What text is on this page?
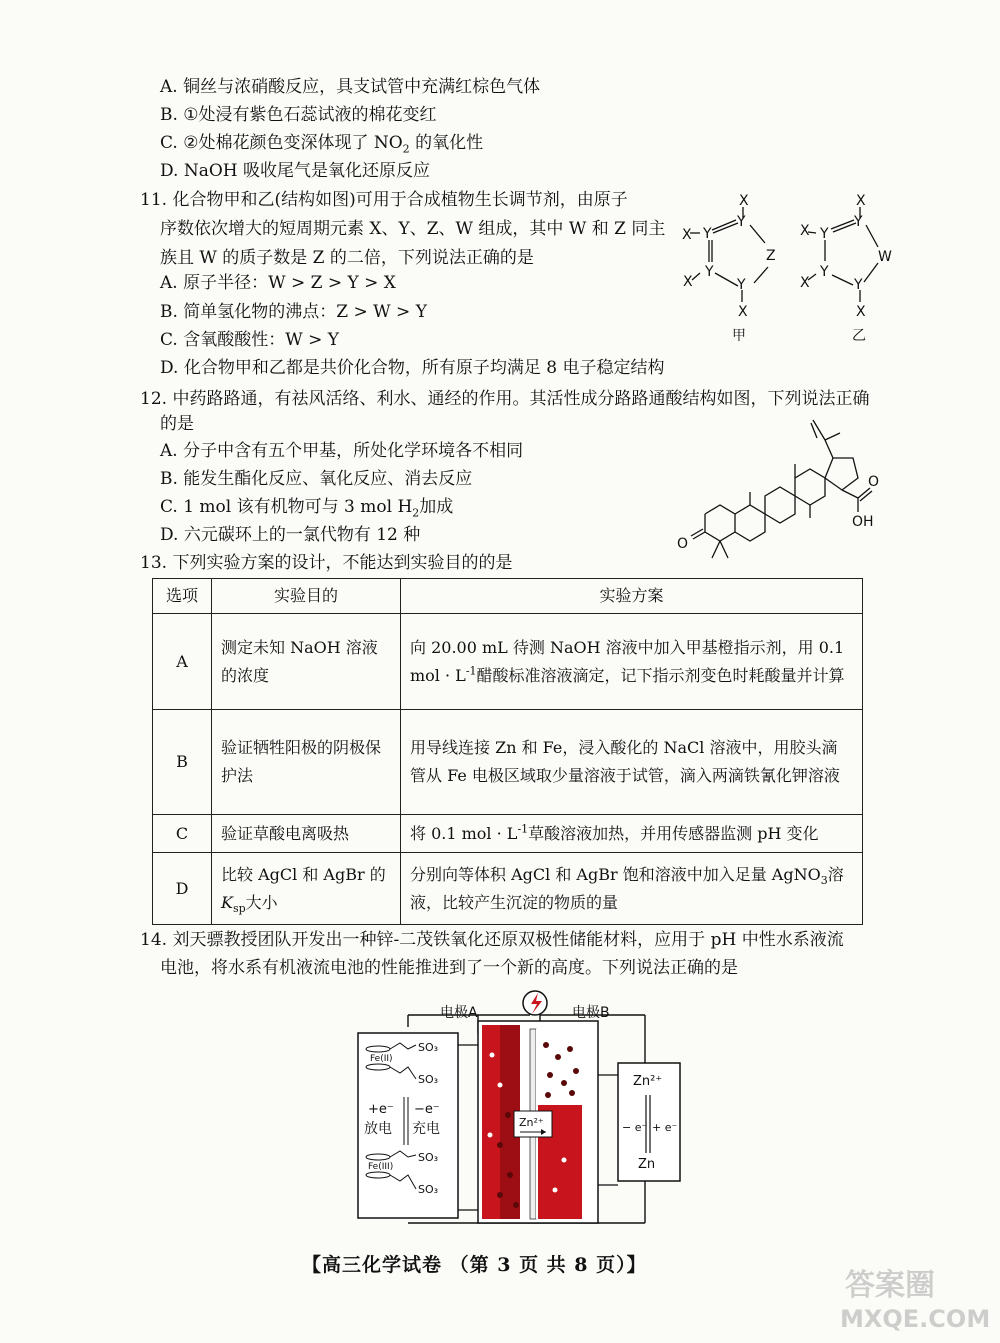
A. 铜丝与浓硝酸反应，具支试管中充满红棕色气体
B. ①处浸有紫色石蕊试液的棉花变红
C. ②处棉花颜色变深体现了 $NO_2$ 的氧化性
D. NaOH 吸收尾气是氧化还原反应
11. 化合物甲和乙(结构如图)可用于合成植物生长调节剂，由原子
序数依次增大的短周期元素 X、Y、Z、W 组成，其中 W 和 Z 同主
族且 W 的质子数是 Z 的二倍，下列说法正确的是
A. 原子半径：W > Z > Y > X
B. 简单氢化物的沸点：Z > W > Y
C. 含氧酸酸性：W > Y
D. 化合物甲和乙都是共价化合物，所有原子均满足 8 电子稳定结构
X
Y
Y
X
Z
Y
X	Y
X
X
Y
Y
X
W
Y
X	Y
X
甲	乙
12. 中药路路通，有祛风活络、利水、通经的作用。其活性成分路路通酸结构如图，下列说法正确
的是
A. 分子中含有五个甲基，所处化学环境各不相同
B. 能发生酯化反应、氧化反应、消去反应
C. 1 mol 该有机物可与 3 mol $H_2$加成
D. 六元碳环上的一氯代物有 12 种
O
OH
O
13. 下列实验方案的设计，不能达到实验目的的是
选项	实验目的	实验方案
A	测定未知 NaOH 溶液的浓度	向 20.00 mL 待测 NaOH 溶液中加入甲基橙指示剂，用 0.1 mol · $L^{-1}$醋酸标准溶液滴定，记下指示剂变色时耗酸量并计算
B	验证牺牲阳极的阴极保护法	用导线连接 Zn 和 Fe，浸入酸化的 NaCl 溶液中，用胶头滴管从 Fe 电极区域取少量溶液于试管，滴入两滴铁氰化钾溶液
C	验证草酸电离吸热	将 0.1 mol · $L^{-1}$草酸溶液加热，并用传感器监测 pH 变化
D	比较 AgCl 和 AgBr 的 $K_{sp}$大小	分别向等体积 AgCl 和 AgBr 饱和溶液中加入足量 AgNO$_3$溶液，比较产生沉淀的物质的量
14. 刘天骠教授团队开发出一种锌-二茂铁氧化还原双极性储能材料，应用于 pH 中性水系液流
电池，将水系有机液流电池的性能推进到了一个新的高度。下列说法正确的是
电极A	电极B
Zn²⁺
Zn²⁺
Zn
− e⁻ + e⁻
SO₃
SO₃
Fe(II)
SO₃
SO₃
Fe(III)
+e⁻ −e⁻
放电 充电
【高三化学试卷 （第 3 页 共 8 页）】
答案圈
MXQE.COM
